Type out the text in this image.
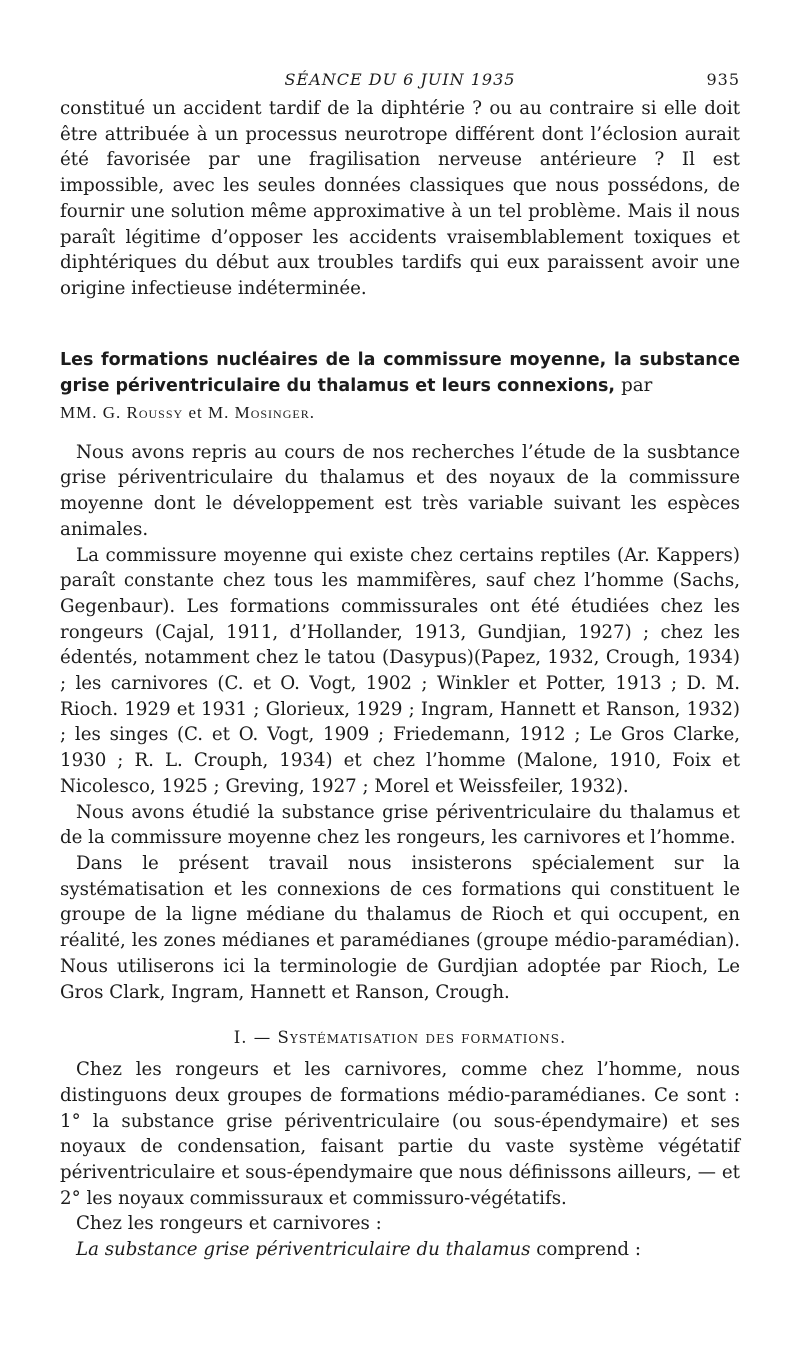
SÉANCE DU 6 JUIN 1935	935

constitué un accident tardif de la diphtérie ? ou au contraire si elle doit être attribuée à un processus neurotrope différent dont l’éclosion aurait été favorisée par une fragilisation nerveuse antérieure ? Il est impossible, avec les seules données classiques que nous possédons, de fournir une solution même approximative à un tel problème. Mais il nous paraît légitime d’opposer les accidents vraisemblablement toxiques et diphtériques du début aux troubles tardifs qui eux paraissent avoir une origine infectieuse indéterminée.

Les formations nucléaires de la commissure moyenne, la substance grise périventriculaire du thalamus et leurs connexions, par

MM. G. Roussy et M. Mosinger.

Nous avons repris au cours de nos recherches l’étude de la susbtance grise périventriculaire du thalamus et des noyaux de la commissure moyenne dont le développement est très variable suivant les espèces animales.

La commissure moyenne qui existe chez certains reptiles (Ar. Kappers) paraît constante chez tous les mammifères, sauf chez l’homme (Sachs, Gegenbaur). Les formations commissurales ont été étudiées chez les rongeurs (Cajal, 1911, d’Hollander, 1913, Gundjian, 1927) ; chez les édentés, notamment chez le tatou (Dasypus)(Papez, 1932, Crough, 1934) ; les carnivores (C. et O. Vogt, 1902 ; Winkler et Potter, 1913 ; D. M. Rioch. 1929 et 1931 ; Glorieux, 1929 ; Ingram, Hannett et Ranson, 1932) ; les singes (C. et O. Vogt, 1909 ; Friedemann, 1912 ; Le Gros Clarke, 1930 ; R. L. Crouph, 1934) et chez l’homme (Malone, 1910, Foix et Nicolesco, 1925 ; Greving, 1927 ; Morel et Weissfeiler, 1932).

Nous avons étudié la substance grise périventriculaire du thalamus et de la commissure moyenne chez les rongeurs, les carnivores et l’homme.

Dans le présent travail nous insisterons spécialement sur la systématisation et les connexions de ces formations qui constituent le groupe de la ligne médiane du thalamus de Rioch et qui occupent, en réalité, les zones médianes et paramédianes (groupe médio-paramédian). Nous utiliserons ici la terminologie de Gurdjian adoptée par Rioch, Le Gros Clark, Ingram, Hannett et Ranson, Crough.

I. — Systématisation des formations.

Chez les rongeurs et les carnivores, comme chez l’homme, nous distinguons deux groupes de formations médio-paramédianes. Ce sont : 1° la substance grise périventriculaire (ou sous-épendymaire) et ses noyaux de condensation, faisant partie du vaste système végétatif périventriculaire et sous-épendymaire que nous définissons ailleurs, — et 2° les noyaux commissuraux et commissuro-végétatifs.

Chez les rongeurs et carnivores :

La substance grise périventriculaire du thalamus comprend :
